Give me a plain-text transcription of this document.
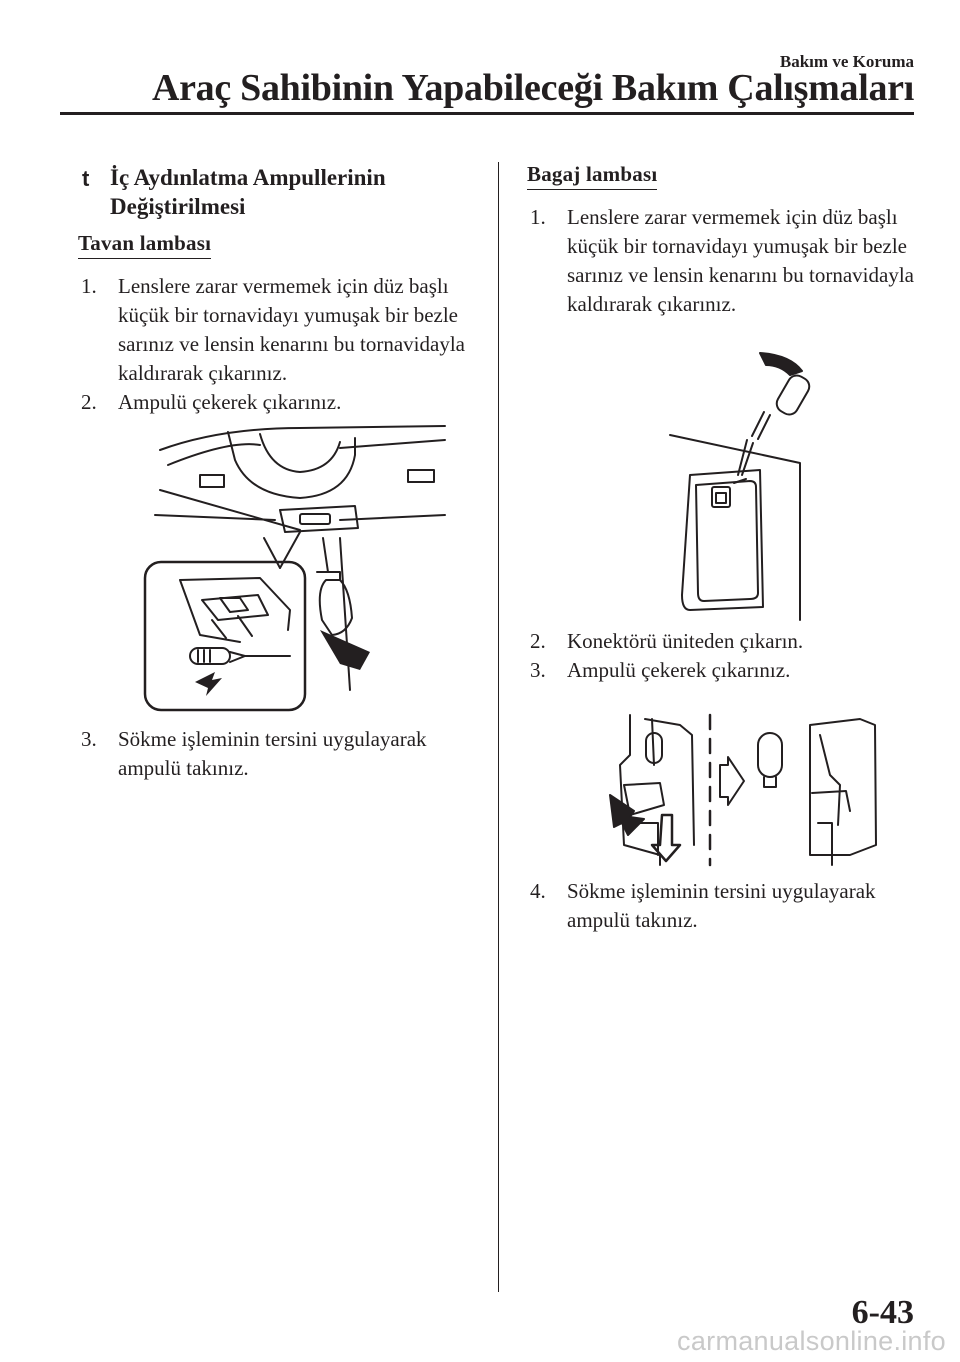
Bakım ve Koruma
Araç Sahibinin Yapabileceği Bakım Çalışmaları
t İç Aydınlatma Ampullerinin Değiştirilmesi
Tavan lambası
1. Lenslere zarar vermemek için düz başlı küçük bir tornavidayı yumuşak bir bezle sarınız ve lensin kenarını bu tornavidayla kaldırarak çıkarınız.
2. Ampulü çekerek çıkarınız.
3. Sökme işleminin tersini uygulayarak ampulü takınız.
Bagaj lambası
1. Lenslere zarar vermemek için düz başlı küçük bir tornavidayı yumuşak bir bezle sarınız ve lensin kenarını bu tornavidayla kaldırarak çıkarınız.
2. Konektörü üniteden çıkarın.
3. Ampulü çekerek çıkarınız.
4. Sökme işleminin tersini uygulayarak ampulü takınız.
6-43
carmanualsonline.info
